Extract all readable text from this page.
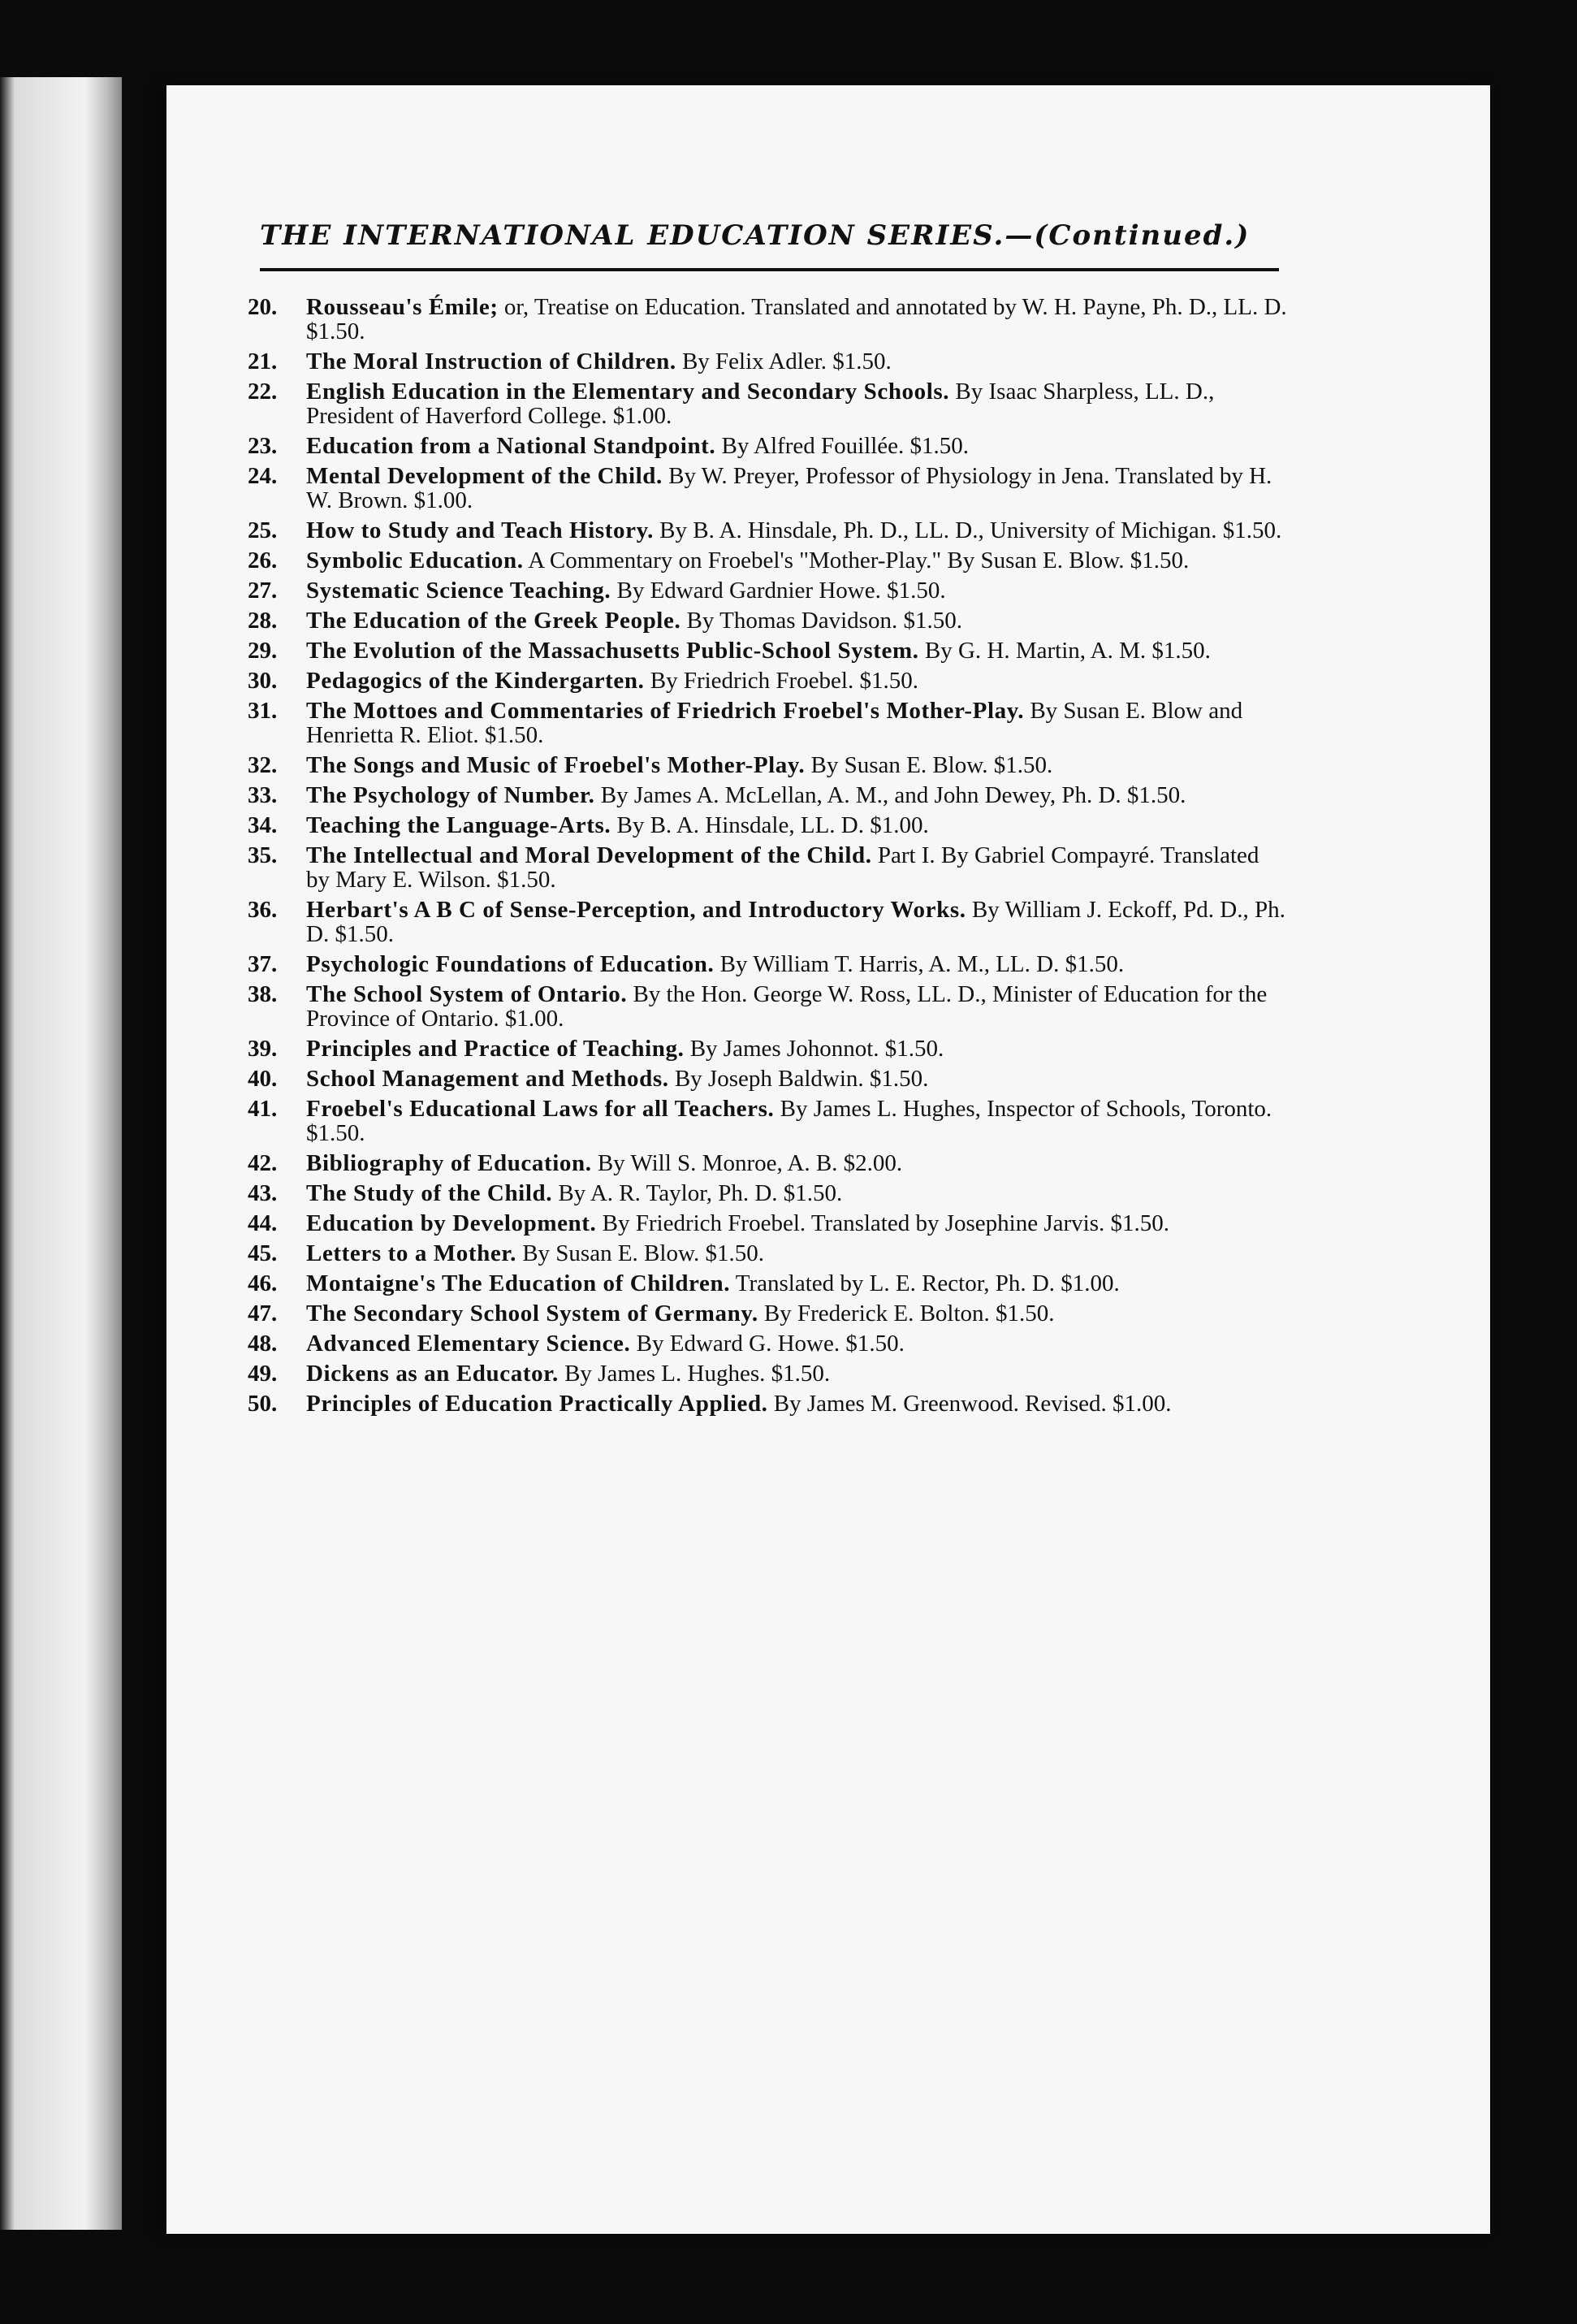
THE INTERNATIONAL EDUCATION SERIES.—(Continued.)
20.	Rousseau's Émile; or, Treatise on Education. Translated and annotated by W. H. Payne, Ph. D., LL. D. $1.50.
21.	The Moral Instruction of Children. By Felix Adler. $1.50.
22.	English Education in the Elementary and Secondary Schools. By Isaac Sharpless, LL. D., President of Haverford College. $1.00.
23.	Education from a National Standpoint. By Alfred Fouillée. $1.50.
24.	Mental Development of the Child. By W. Preyer, Professor of Physiology in Jena. Translated by H. W. Brown. $1.00.
25.	How to Study and Teach History. By B. A. Hinsdale, Ph. D., LL. D., University of Michigan. $1.50.
26.	Symbolic Education. A Commentary on Froebel's "Mother-Play." By Susan E. Blow. $1.50.
27.	Systematic Science Teaching. By Edward Gardnier Howe. $1.50.
28.	The Education of the Greek People. By Thomas Davidson. $1.50.
29.	The Evolution of the Massachusetts Public-School System. By G. H. Martin, A. M. $1.50.
30.	Pedagogics of the Kindergarten. By Friedrich Froebel. $1.50.
31.	The Mottoes and Commentaries of Friedrich Froebel's Mother-Play. By Susan E. Blow and Henrietta R. Eliot. $1.50.
32.	The Songs and Music of Froebel's Mother-Play. By Susan E. Blow. $1.50.
33.	The Psychology of Number. By James A. McLellan, A. M., and John Dewey, Ph. D. $1.50.
34.	Teaching the Language-Arts. By B. A. Hinsdale, LL. D. $1.00.
35.	The Intellectual and Moral Development of the Child. Part I. By Gabriel Compayré. Translated by Mary E. Wilson. $1.50.
36.	Herbart's A B C of Sense-Perception, and Introductory Works. By William J. Eckoff, Pd. D., Ph. D. $1.50.
37.	Psychologic Foundations of Education. By William T. Harris, A. M., LL. D. $1.50.
38.	The School System of Ontario. By the Hon. George W. Ross, LL. D., Minister of Education for the Province of Ontario. $1.00.
39.	Principles and Practice of Teaching. By James Johonnot. $1.50.
40.	School Management and Methods. By Joseph Baldwin. $1.50.
41.	Froebel's Educational Laws for all Teachers. By James L. Hughes, Inspector of Schools, Toronto. $1.50.
42.	Bibliography of Education. By Will S. Monroe, A. B. $2.00.
43.	The Study of the Child. By A. R. Taylor, Ph. D. $1.50.
44.	Education by Development. By Friedrich Froebel. Translated by Josephine Jarvis. $1.50.
45.	Letters to a Mother. By Susan E. Blow. $1.50.
46.	Montaigne's The Education of Children. Translated by L. E. Rector, Ph. D. $1.00.
47.	The Secondary School System of Germany. By Frederick E. Bolton. $1.50.
48.	Advanced Elementary Science. By Edward G. Howe. $1.50.
49.	Dickens as an Educator. By James L. Hughes. $1.50.
50.	Principles of Education Practically Applied. By James M. Greenwood. Revised. $1.00.
